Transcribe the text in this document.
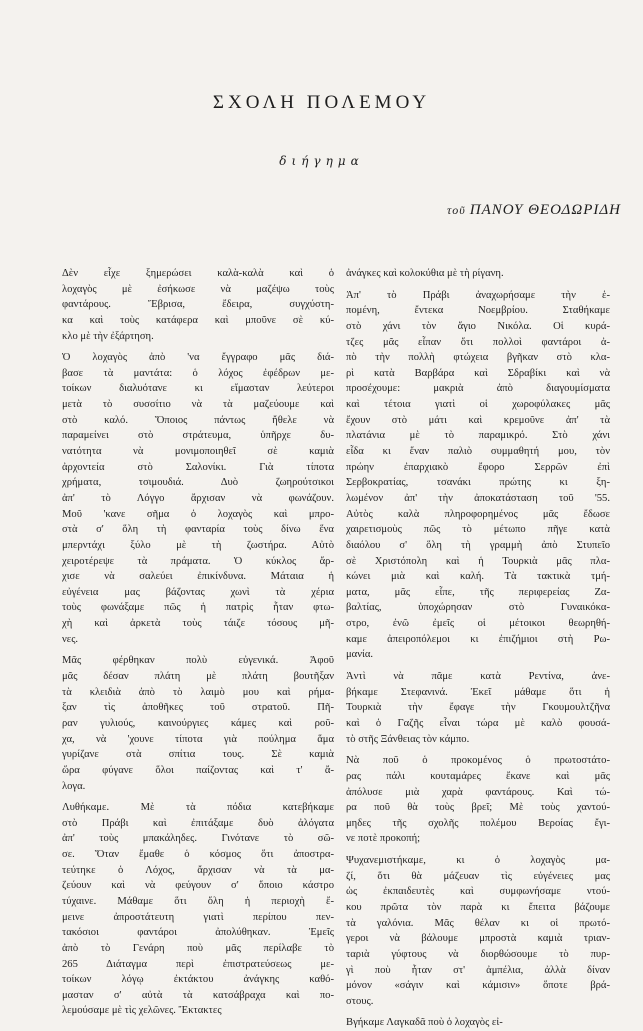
ΣΧΟΛΗ ΠΟΛΕΜΟΥ
διήγημα
τοῦ ΠΑΝΟΥ ΘΕΟΔΩΡΙΔΗ
Δὲν εἶχε ξημερώσει καλὰ-καλὰ καὶ ὁ
λοχαγὸς μὲ ἐσήκωσε νὰ μαζέψω τοὺς
φαντάρους. Ἔβρισα, ἔδειρα, συγχύστη-
κα καὶ τοὺς κατάφερα καὶ μποῦνε σὲ κύ-
κλο μὲ τὴν ἐξάρτηση.
Ὁ λοχαγὸς ἀπὸ 'να ἔγγραφο μᾶς διά-
βασε τὰ μαντάτα: ὁ λόχος ἐφέδρων με-
τοίκων διαλυότανε κι εἴμασταν λεύτεροι
μετὰ τὸ συσσίτιο νὰ τὰ μαζεύουμε καὶ
στὸ καλό. Ὅποιος πάντως ἤθελε νὰ
παραμείνει στὸ στράτευμα, ὑπῆρχε δυ-
νατότητα νὰ μονιμοποιηθεῖ σὲ καμιὰ
ἀρχοντεία στὸ Σαλονίκι. Γιὰ τίποτα
χρήματα, τσιμουδιά. Δυὸ ζωηρούτσικοι
ἀπ' τὸ Λόγγο ἄρχισαν νὰ φωνάζουν.
Μοῦ 'κανε σῆμα ὁ λοχαγὸς καὶ μπρο-
στὰ σ' ὅλη τὴ φανταρία τοὺς δίνω ἕνα
μπερντάχι ξύλο μὲ τὴ ζωστήρα. Αὐτὸ
χειροτέρεψε τὰ πράματα. Ὁ κύκλος ἄρ-
χισε νὰ σαλεύει ἐπικίνδυνα. Μάταια ἡ
εὐγένεια μας βάζοντας χωνὶ τὰ χέρια
τοὺς φωνάξαμε πῶς ἡ πατρὶς ἦταν φτω-
χὴ καὶ ἀρκετὰ τοὺς τάιζε τόσους μῆ-
νες.
Μᾶς φέρθηκαν πολὺ εὐγενικά. Ἀφοῦ
μᾶς δέσαν πλάτη μὲ πλάτη βουτῆξαν
τὰ κλειδιὰ ἀπὸ τὸ λαιμὸ μου καὶ ρήμα-
ξαν τὶς ἀποθῆκες τοῦ στρατοῦ. Πῆ-
ραν γυλιούς, καινούργιες κάμες καὶ ροῦ-
χα, νὰ 'χουνε τίποτα γιὰ πούλημα ἅμα
γυρίζανε στὰ σπίτια τους. Σὲ καμιὰ
ὥρα φύγανε ὅλοι παίζοντας καὶ τ' ἄ-
λογα.
Λυθήκαμε. Μὲ τὰ πόδια κατεβήκαμε
στὸ Πράβι καὶ ἐπιτάξαμε δυὸ ἀλόγατα
ἀπ' τοὺς μπακάληδες. Γινότανε τὸ σῶ-
σε. Ὅταν ἔμαθε ὁ κόσμος ὅτι ἀποστρα-
τεύτηκε ὁ Λόχος, ἄρχισαν νὰ τὰ μα-
ζεύουν καὶ νὰ φεύγουν σ' ὅποιο κάστρο
τύχαινε. Μάθαμε ὅτι ὅλη ἡ περιοχὴ ἔ-
μεινε ἀπροστάτευτη γιατὶ περίπου πεν-
τακόσιοι φαντάροι ἀπολύθηκαν. Ἐμεῖς
ἀπὸ τὸ Γενάρη ποὺ μᾶς περίλαβε τὸ
265 Διάταγμα περὶ ἐπιστρατεύσεως με-
τοίκων λόγῳ ἐκτάκτου ἀνάγκης καθό-
μασταν σ' αὐτὰ τὰ κατσάβραχα καὶ πο-
λεμούσαμε μὲ τὶς χελῶνες. Ἔκτακτες
ἀνάγκες καὶ κολοκύθια μὲ τὴ ρίγανη.
Ἀπ' τὸ Πράβι ἀναχωρήσαμε τὴν ἑ-
πομένη, ἔντεκα Νοεμβρίου. Σταθήκαμε
στὸ χάνι τὸν ἅγιο Νικόλα. Οἱ κυρά-
τζες μᾶς εἶπαν ὅτι πολλοὶ φαντάροι ἀ-
πὸ τὴν πολλὴ φτώχεια βγῆκαν στὸ κλα-
ρὶ κατὰ Βαρβάρα καὶ Σδραβίκι καὶ νὰ
προσέχουμε: μακριὰ ἀπὸ διαγουμίσματα
καὶ τέτοια γιατὶ οἱ χωροφύλακες μᾶς
ἔχουν στὸ μάτι καὶ κρεμοῦνε ἀπ' τὰ
πλατάνια μὲ τὸ παραμικρό. Στὸ χάνι
εἶδα κι ἕναν παλιὸ συμμαθητή μου, τὸν
πρώην ἐπαρχιακὸ ἔφορο Σερρῶν ἐπὶ
Σερβοκρατίας, τσανάκι πρώτης κι ξη-
λωμένον ἀπ' τὴν ἀποκατάσταση τοῦ '55.
Αὐτὸς καλὰ πληροφορημένος μᾶς ἔδωσε
χαιρετισμοὺς πῶς τὸ μέτωπο πῆγε κατὰ
διαόλου σ' ὅλη τὴ γραμμὴ ἀπὸ Στυπεῖο
σὲ Χριστόπολη καὶ ἡ Τουρκιὰ μᾶς πλα-
κώνει μιὰ καὶ καλή. Τὰ τακτικὰ τμή-
ματα, μᾶς εἶπε, τῆς περιφερείας Ζα-
βαλτίας, ὑποχώρησαν στὸ Γυναικόκα-
στρο, ἐνῶ ἐμεῖς οἱ μέτοικοι θεωρηθή-
καμε ἀπειροπόλεμοι κι ἐπιζήμιοι στὴ Ρω-
μανία.
Ἀντὶ νὰ πᾶμε κατὰ Ρεντίνα, ἀνε-
βήκαμε Στεφανινά. Ἐκεῖ μάθαμε ὅτι ἡ
Τουρκιὰ τὴν ἔφαγε τὴν Γκουμουλτζῆνα
καὶ ὁ Γαζῆς εἶναι τώρα μὲ καλὸ φουσά-
τὸ στῆς Ξάνθειας τὸν κάμπο.
Νὰ ποῦ ὁ προκομένος ὁ πρωτοστάτο-
ρας πάλι κουταμάρες ἔκανε καὶ μᾶς
ἀπόλυσε μιὰ χαρὰ φαντάρους. Καὶ τώ-
ρα ποῦ θὰ τοὺς βρεῖ; Μὲ τοὺς χαντού-
μηδες τῆς σχολῆς πολέμου Βεροίας ἔγι-
νε ποτὲ προκοπή;
Ψυχανεμιστήκαμε, κι ὁ λοχαγὸς μα-
ζί, ὅτι θὰ μάζευαν τὶς εὐγένειες μας
ὡς ἐκπαιδευτὲς καὶ συμφωνήσαμε ντού-
κου πρῶτα τὸν παρὰ κι ἔπειτα βάζουμε
τὰ γαλόνια. Μᾶς θέλαν κι οἱ πρωτό-
γεροι νὰ βάλουμε μπροστὰ καμιὰ τριαν-
ταριὰ γύφτους νὰ διορθώσουμε τὸ πυρ-
γὶ ποὺ ἦταν στ' ἀμπέλια, ἀλλὰ δίναν
μόνον «σάγιν καὶ κάμισιν» ὅποτε βρά-
στους.
Βγήκαμε Λαγκαδᾶ ποὺ ὁ λοχαγὸς εἰ-
